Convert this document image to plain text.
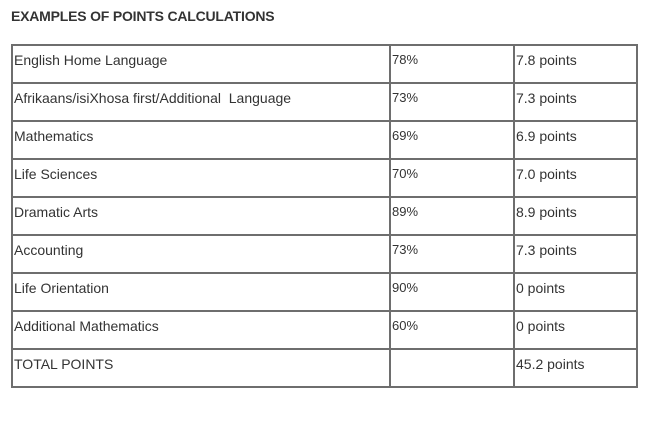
EXAMPLES OF POINTS CALCULATIONS
English Home Language	78%	7.8 points
Afrikaans/isiXhosa first/Additional  Language	73%	7.3 points
Mathematics	69%	6.9 points
Life Sciences	70%	7.0 points
Dramatic Arts	89%	8.9 points
Accounting	73%	7.3 points
Life Orientation	90%	0 points
Additional Mathematics	60%	0 points
TOTAL POINTS		45.2 points
